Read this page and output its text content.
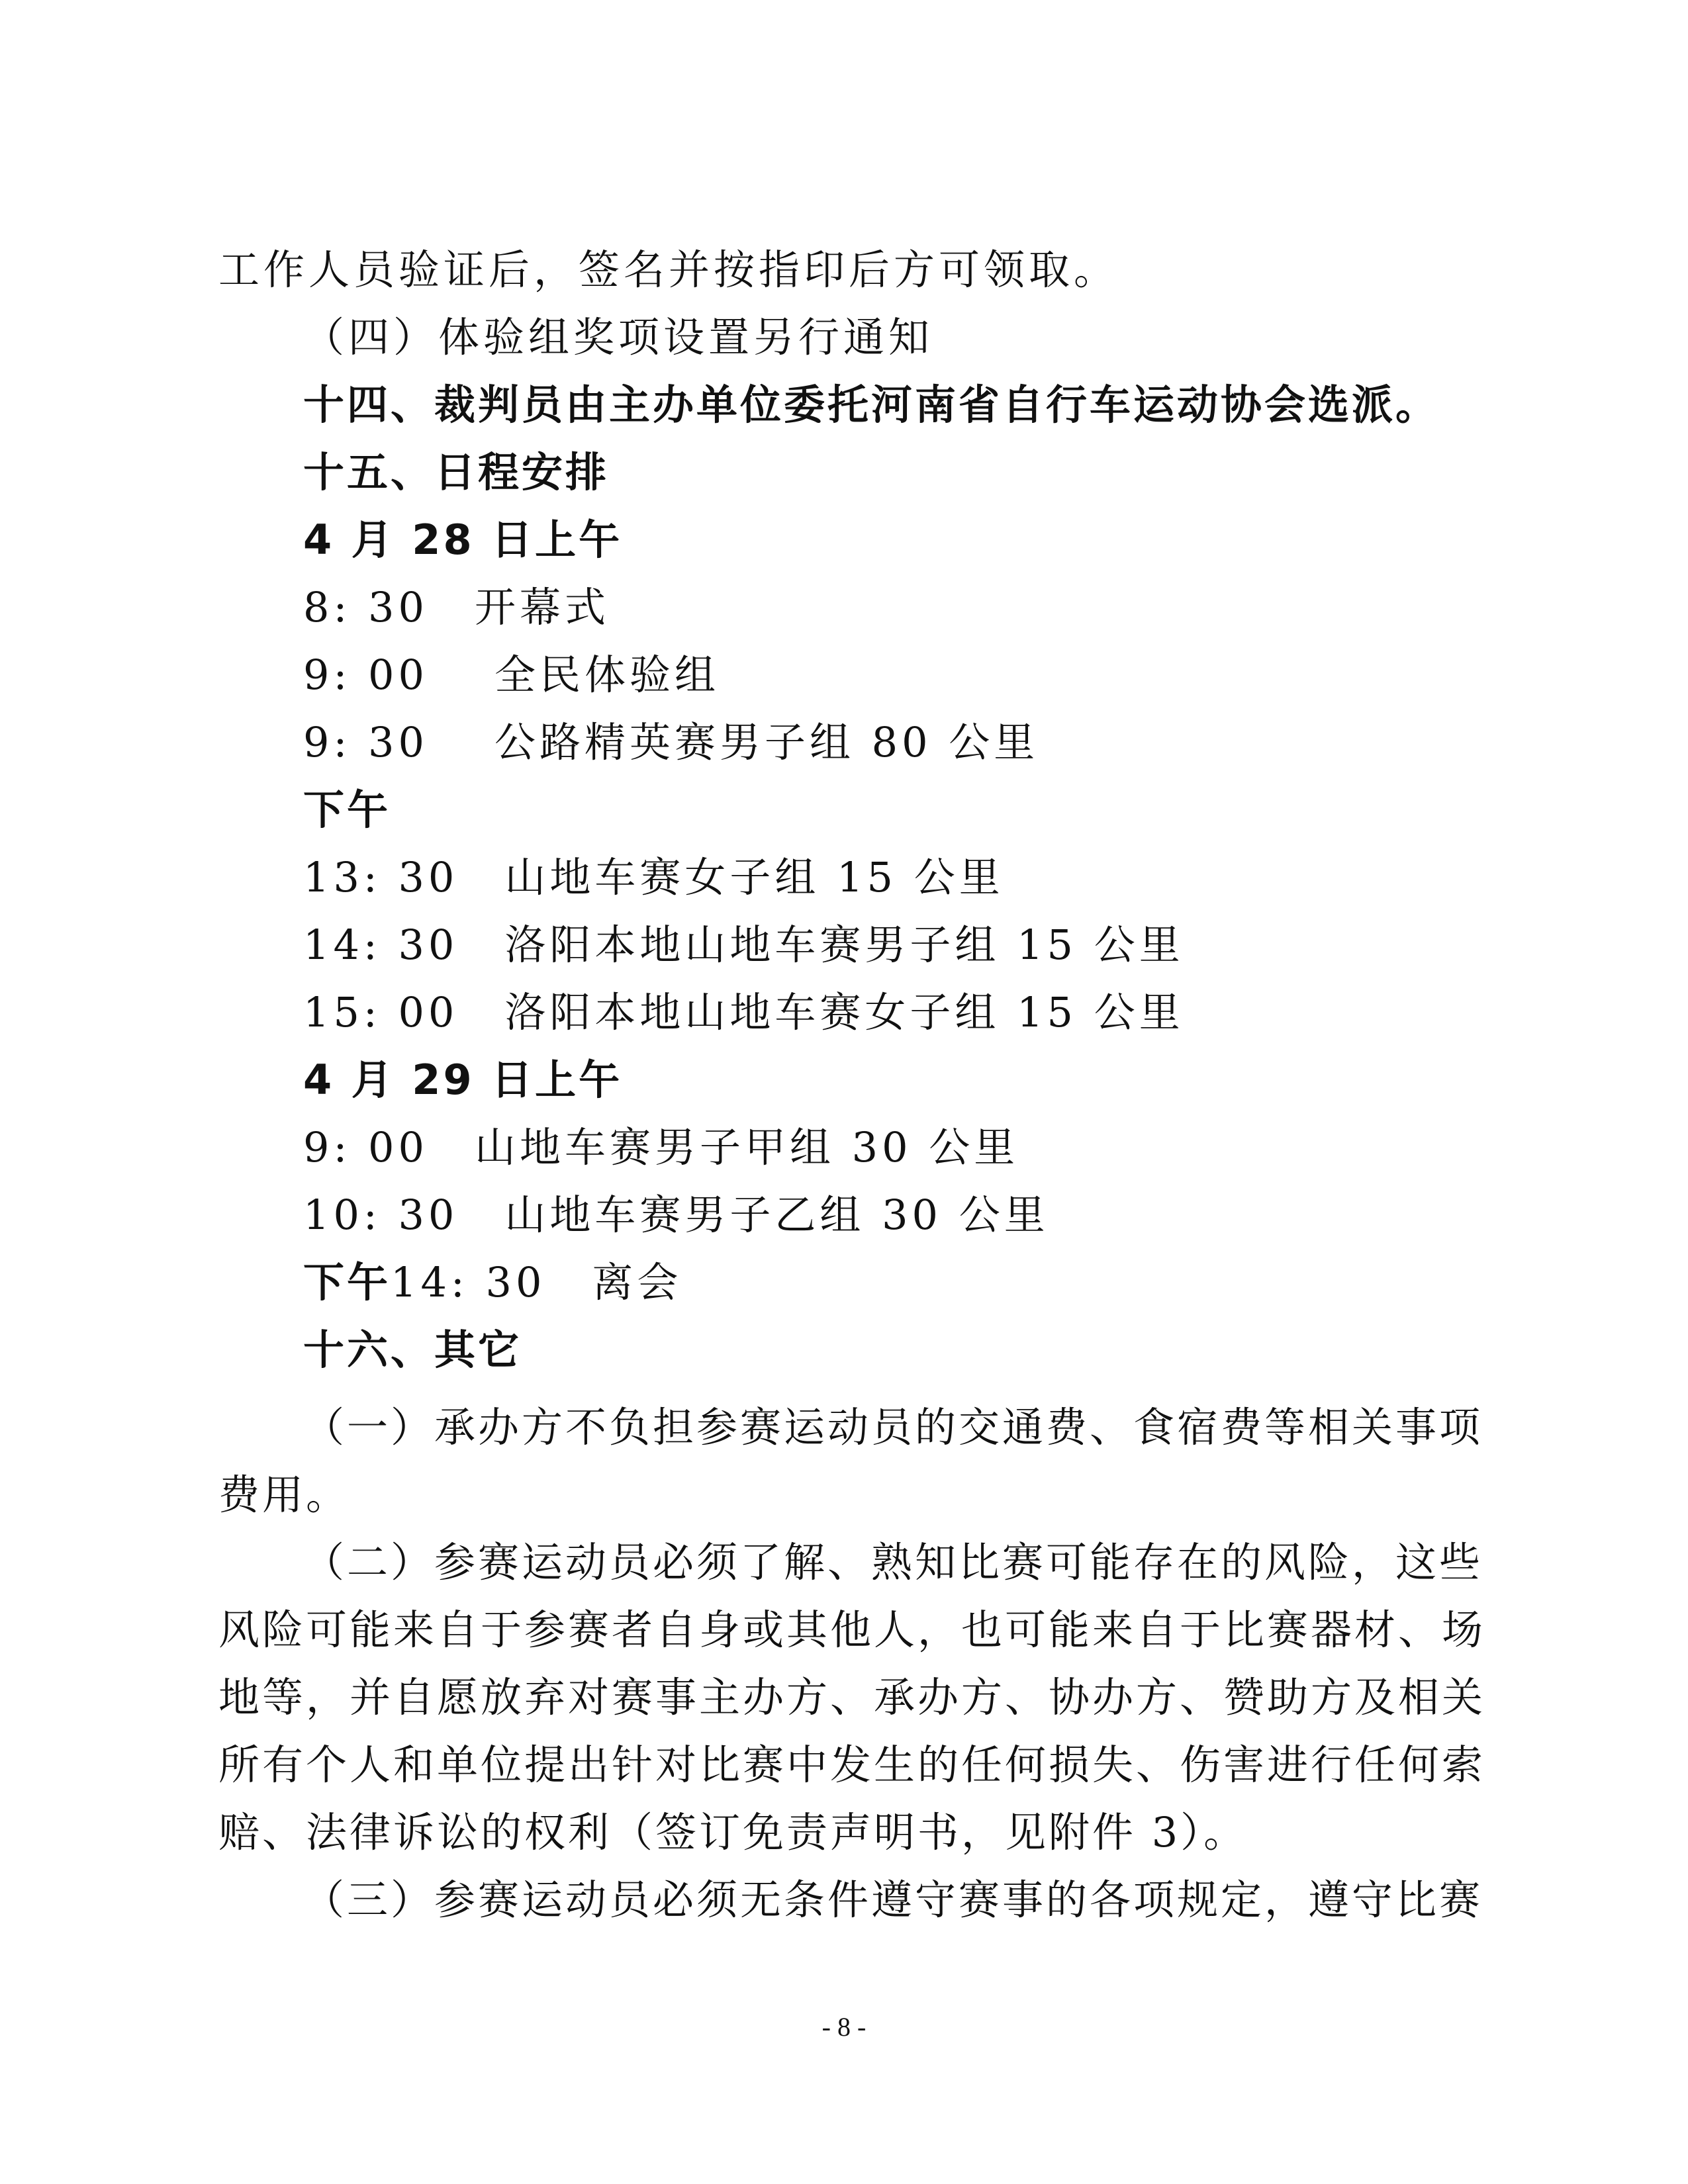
工作人员验证后，签名并按指印后方可领取。
（四）体验组奖项设置另行通知
十四、裁判员由主办单位委托河南省自行车运动协会选派。
十五、日程安排
4 月 28 日上午
8: 30 开幕式
9: 00 全民体验组
9: 30 公路精英赛男子组 80 公里
下午
13: 30 山地车赛女子组 15 公里
14: 30 洛阳本地山地车赛男子组 15 公里
15: 00 洛阳本地山地车赛女子组 15 公里
4 月 29 日上午
9: 00 山地车赛男子甲组 30 公里
10: 30 山地车赛男子乙组 30 公里
下午14: 30 离会
十六、其它
（一）承办方不负担参赛运动员的交通费、食宿费等相关事项费用。
（二）参赛运动员必须了解、熟知比赛可能存在的风险，这些风险可能来自于参赛者自身或其他人，也可能来自于比赛器材、场地等，并自愿放弃对赛事主办方、承办方、协办方、赞助方及相关所有个人和单位提出针对比赛中发生的任何损失、伤害进行任何索赔、法律诉讼的权利（签订免责声明书，见附件 3）。
（三）参赛运动员必须无条件遵守赛事的各项规定，遵守比赛
- 8 -
